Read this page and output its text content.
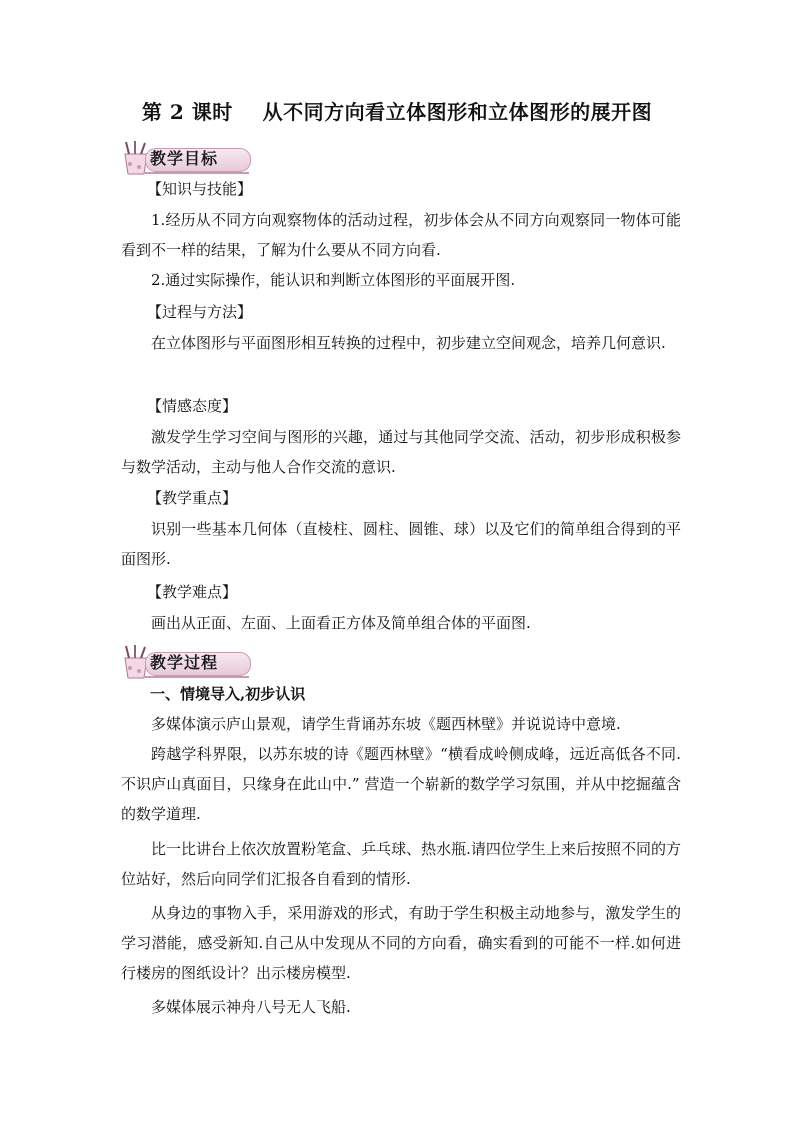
第 2 课时    从不同方向看立体图形和立体图形的展开图
教学目标
【知识与技能】
1.经历从不同方向观察物体的活动过程，初步体会从不同方向观察同一物体可能看到不一样的结果，了解为什么要从不同方向看.
2.通过实际操作，能认识和判断立体图形的平面展开图.
【过程与方法】
在立体图形与平面图形相互转换的过程中，初步建立空间观念，培养几何意识.
【情感态度】
激发学生学习空间与图形的兴趣，通过与其他同学交流、活动，初步形成积极参与数学活动，主动与他人合作交流的意识.
【教学重点】
识别一些基本几何体（直棱柱、圆柱、圆锥、球）以及它们的简单组合得到的平面图形.
【教学难点】
画出从正面、左面、上面看正方体及简单组合体的平面图.
教学过程
一、情境导入,初步认识
多媒体演示庐山景观，请学生背诵苏东坡《题西林壁》并说说诗中意境.
跨越学科界限，以苏东坡的诗《题西林壁》“横看成岭侧成峰，远近高低各不同.不识庐山真面目，只缘身在此山中.” 营造一个崭新的数学学习氛围，并从中挖掘蕴含的数学道理.
比一比讲台上依次放置粉笔盒、乒乓球、热水瓶.请四位学生上来后按照不同的方位站好，然后向同学们汇报各自看到的情形.
从身边的事物入手，采用游戏的形式，有助于学生积极主动地参与，激发学生的学习潜能，感受新知.自己从中发现从不同的方向看，确实看到的可能不一样.如何进行楼房的图纸设计？出示楼房模型.
多媒体展示神舟八号无人飞船.
